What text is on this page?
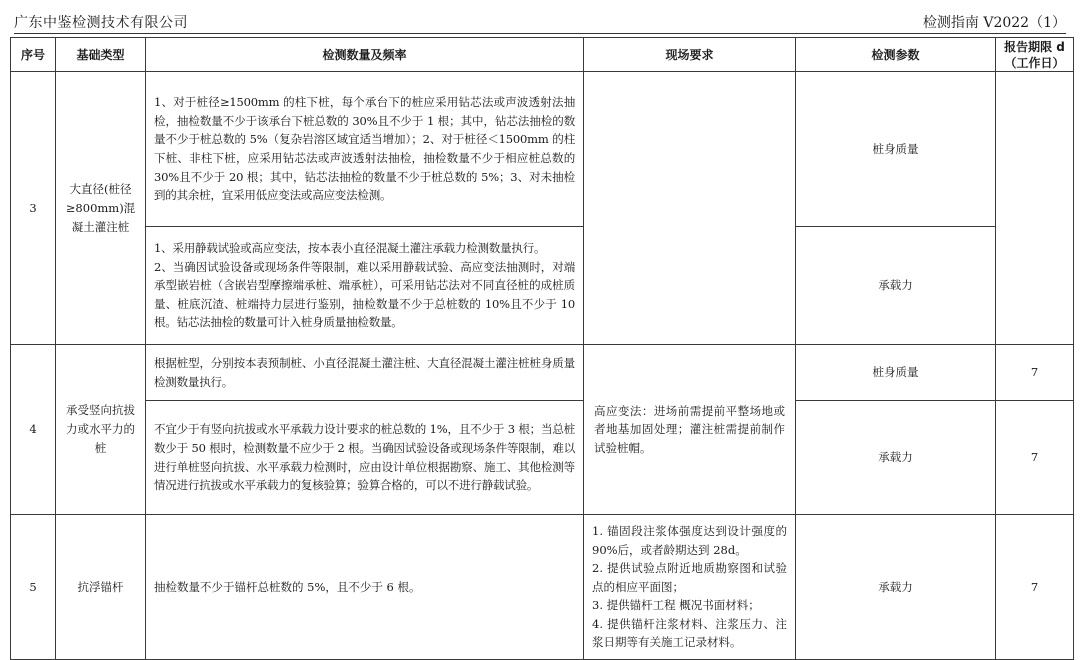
广东中鉴检测技术有限公司	检测指南 V2022（1）
序号	基础类型	检测数量及频率	现场要求	检测参数	报告期限 d
（工作日）

3	大直径(桩径≥800mm)混凝土灌注桩	1、对于桩径≥1500mm 的柱下桩，每个承台下的桩应采用钻芯法或声波透射法抽检，抽检数量不少于该承台下桩总数的 30%且不少于 1 根；其中，钻芯法抽检的数量不少于桩总数的 5%（复杂岩溶区域宜适当增加）；2、对于桩径＜1500mm 的柱下桩、非柱下桩，应采用钻芯法或声波透射法抽检，抽检数量不少于相应桩总数的 30%且不少于 20 根；其中，钻芯法抽检的数量不少于桩总数的 5%；3、对未抽检到的其余桩，宜采用低应变法或高应变法检测。		桩身质量	

		1、采用静载试验或高应变法，按本表小直径混凝土灌注承载力检测数量执行。
2、当确因试验设备或现场条件等限制，难以采用静载试验、高应变法抽测时，对端承型嵌岩桩（含嵌岩型摩擦端承桩、端承桩），可采用钻芯法对不同直径桩的成桩质量、桩底沉渣、桩端持力层进行鉴别，抽检数量不少于总桩数的 10%且不少于 10 根。钻芯法抽检的数量可计入桩身质量抽检数量。		承载力	
4	承受竖向抗拔力或水平力的桩	根据桩型，分别按本表预制桩、小直径混凝土灌注桩、大直径混凝土灌注桩桩身质量检测数量执行。	高应变法：进场前需提前平整场地或者地基加固处理；灌注桩需提前制作试验桩帽。	桩身质量	7
		不宜少于有竖向抗拔或水平承载力设计要求的桩总数的 1%，且不少于 3 根；当总桩数少于 50 根时，检测数量不应少于 2 根。当确因试验设备或现场条件等限制，难以进行单桩竖向抗拔、水平承载力检测时，应由设计单位根据勘察、施工、其他检测等情况进行抗拔或水平承载力的复核验算；验算合格的，可以不进行静载试验。		承载力	7
5	抗浮锚杆	抽检数量不少于锚杆总桩数的 5%，且不少于 6 根。	1. 锚固段注浆体强度达到设计强度的 90%后，或者龄期达到 28d。
2. 提供试验点附近地质勘察图和试验点的相应平面图；
3. 提供锚杆工程 概况书面材料；
4. 提供锚杆注浆材料、注浆压力、注浆日期等有关施工记录材料。	承载力	7
